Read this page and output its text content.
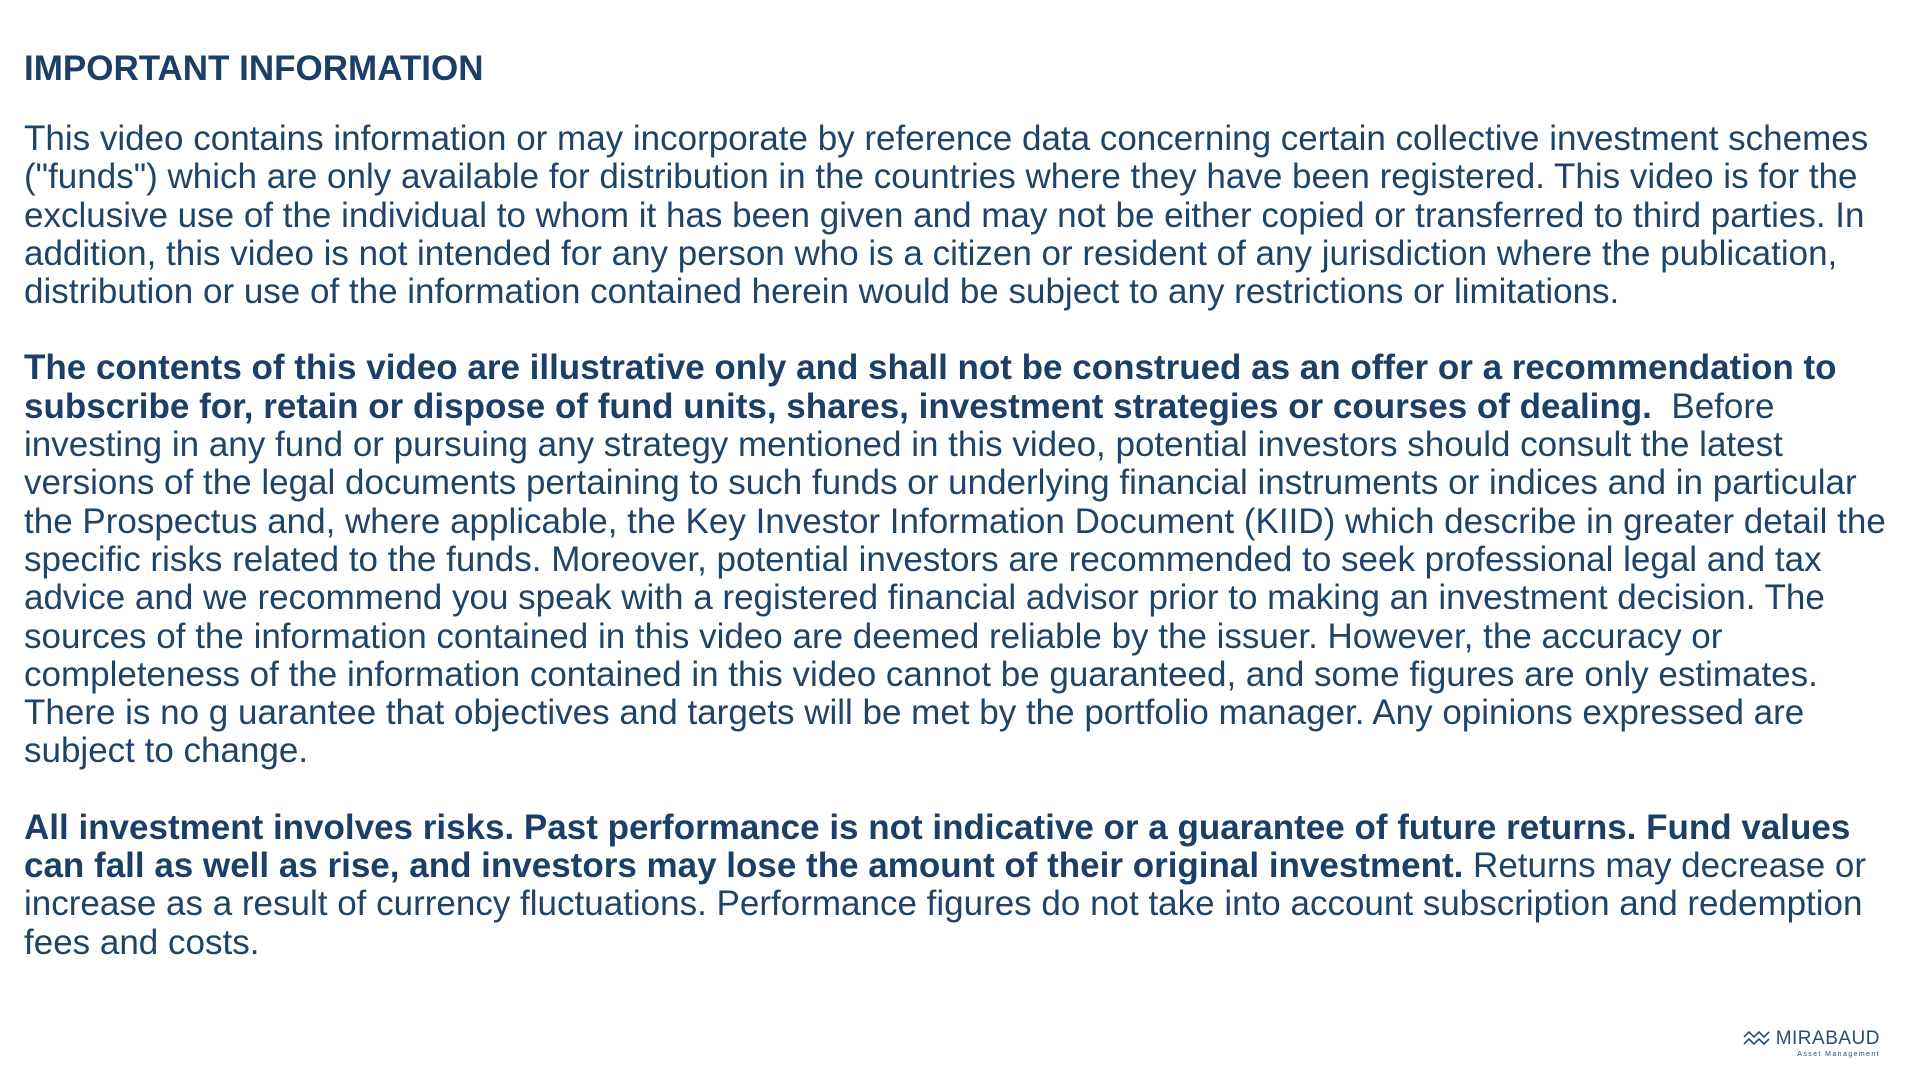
IMPORTANT INFORMATION

This video contains information or may incorporate by reference data concerning certain collective investment schemes ("funds") which are only available for distribution in the countries where they have been registered. This video is for the exclusive use of the individual to whom it has been given and may not be either copied or transferred to third parties. In addition, this video is not intended for any person who is a citizen or resident of any jurisdiction where the publication, distribution or use of the information contained herein would be subject to any restrictions or limitations.

The contents of this video are illustrative only and shall not be construed as an offer or a recommendation to subscribe for, retain or dispose of fund units, shares, investment strategies or courses of dealing.  Before investing in any fund or pursuing any strategy mentioned in this video, potential investors should consult the latest versions of the legal documents pertaining to such funds or underlying financial instruments or indices and in particular the Prospectus and, where applicable, the Key Investor Information Document (KIID) which describe in greater detail the specific risks related to the funds. Moreover, potential investors are recommended to seek professional legal and tax advice and we recommend you speak with a registered financial advisor prior to making an investment decision. The sources of the information contained in this video are deemed reliable by the issuer. However, the accuracy or completeness of the information contained in this video cannot be guaranteed, and some figures are only estimates. There is no g uarantee that objectives and targets will be met by the portfolio manager. Any opinions expressed are subject to change.

All investment involves risks. Past performance is not indicative or a guarantee of future returns. Fund values can fall as well as rise, and investors may lose the amount of their original investment. Returns may decrease or increase as a result of currency fluctuations. Performance figures do not take into account subscription and redemption fees and costs.

MIRABAUD
Asset Management
